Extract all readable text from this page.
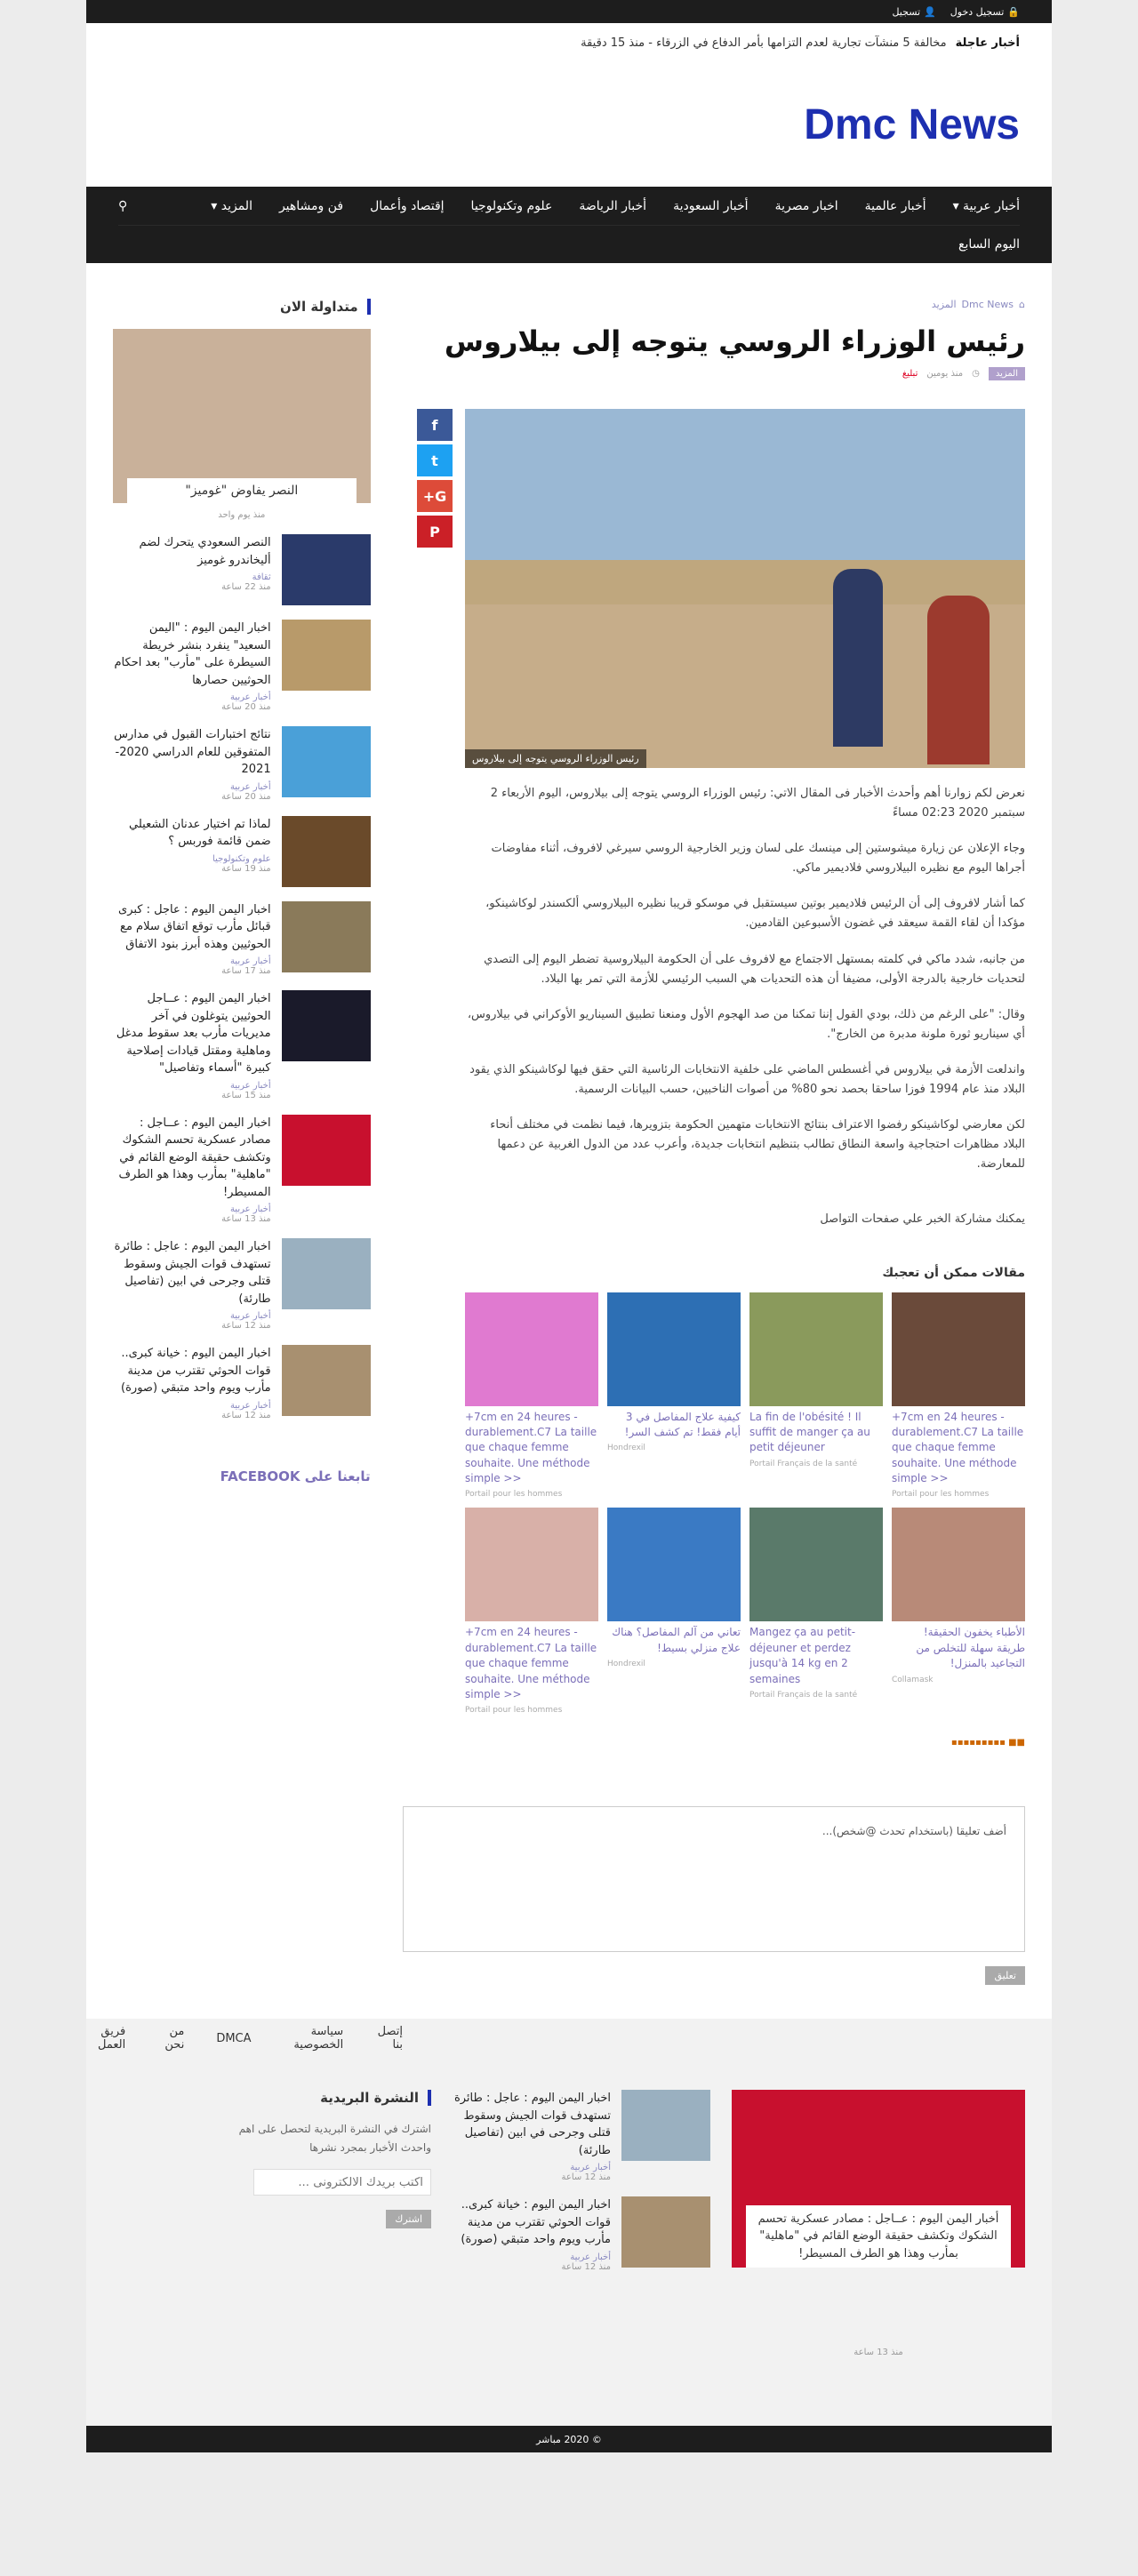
🔒
تسجيل دخول
👤
تسجيل
أخبار عاجلة
مخالفة 5 منشآت تجارية لعدم التزامها بأمر الدفاع في الزرقاء - منذ 15 دقيقة
Dmc News
أخبار عربية ▾
أخبار عالمية
اخبار مصرية
أخبار السعودية
أخبار الرياضة
علوم وتكنولوجيا
إقتصاد وأعمال
فن ومشاهير
المزيد ▾
⚲
اليوم السابع
⌂
Dmc News
المزيد
رئيس الوزراء الروسي يتوجه إلى بيلاروس
المزيد
◷
منذ يومين
تبليغ
رئيس الوزراء الروسي يتوجه إلى بيلاروس

نعرض لكم زوارنا أهم وأحدث الأخبار فى المقال الاتي: رئيس الوزراء الروسي يتوجه إلى بيلاروس، اليوم الأربعاء 2 سبتمبر 2020 02:23 مساءً

وجاء الإعلان عن زيارة ميشوستين إلى مينسك على لسان وزير الخارجية الروسي سيرغي لافروف، أثناء مفاوضات أجراها اليوم مع نظيره البيلاروسي فلاديمير ماكي.

كما أشار لافروف إلى أن الرئيس فلاديمير بوتين سيستقبل في موسكو قريبا نظيره البيلاروسي ألكسندر لوكاشينكو، مؤكدا أن لقاء القمة سيعقد في غضون الأسبوعين القادمين.

من جانبه، شدد ماكي في كلمته بمستهل الاجتماع مع لافروف على أن الحكومة البيلاروسية تضطر اليوم إلى التصدي لتحديات خارجية بالدرجة الأولى، مضيفا أن هذه التحديات هي السبب الرئيسي للأزمة التي تمر بها البلاد.

وقال: "على الرغم من ذلك، بودي القول إننا تمكنا من صد الهجوم الأول ومنعنا تطبيق السيناريو الأوكراني في بيلاروس، أي سيناريو ثورة ملونة مدبرة من الخارج".

واندلعت الأزمة في بيلاروس في أغسطس الماضي على خلفية الانتخابات الرئاسية التي حقق فيها لوكاشينكو الذي يقود البلاد منذ عام 1994 فوزا ساحقا بحصد نحو 80% من أصوات الناخبين، حسب البيانات الرسمية.

لكن معارضي لوكاشينكو رفضوا الاعتراف بنتائج الانتخابات متهمين الحكومة بتزويرها، فيما نظمت في مختلف أنحاء البلاد مظاهرات احتجاجية واسعة النطاق تطالب بتنظيم انتخابات جديدة، وأعرب عدد من الدول الغربية عن دعمها للمعارضة.

يمكنك مشاركة الخبر علي صفحات التواصل

مقالات ممكن أن تعجبك
+7cm en 24 heures - durablement.C7 La taille que chaque femme souhaite. Une méthode simple >>
Portail pour les hommes
La fin de l'obésité ! Il suffit de manger ça au petit déjeuner
Portail Français de la santé
كيفية علاج المفاصل في 3 أيام فقط! تم كشف السر!
Hondrexil
+7cm en 24 heures - durablement.C7 La taille que chaque femme souhaite. Une méthode simple >>
Portail pour les hommes
الأطباء يخفون الحقيقة! طريقة سهلة للتخلص من التجاعيد بالمنزل!
Collamask
Mangez ça au petit-déjeuner et perdez jusqu'à 14 kg en 2 semaines
Portail Français de la santé
تعاني من آلم المفاصل؟ هناك علاج منزلي بسيط!
Hondrexil
+7cm en 24 heures - durablement.C7 La taille que chaque femme souhaite. Une méthode simple >>
Portail pour les hommes
■■ ▪▪▪▪▪▪▪▪▪
f
t
G+
P
أضف تعليقا (باستخدام تحدث @شخص)...
تعليق
متداولة الان
النصر يفاوض "غوميز"
منذ يوم واحد
النصر السعودي يتحرك لضم أليخاندرو غوميز
ثقافة
منذ 22 ساعة
اخبار اليمن اليوم : "اليمن السعيد" ينفرد بنشر خريطة السيطرة على "مأرب" بعد احكام الحوثيين حصارها
أخبار عربية
منذ 20 ساعة
نتائج اختبارات القبول في مدارس المتفوقين للعام الدراسي 2020-2021
أخبار عربية
منذ 20 ساعة
لماذا تم اختيار عدنان الشعيلي ضمن قائمة فوربس ؟
علوم وتكنولوجيا
منذ 19 ساعة
اخبار اليمن اليوم : عاجل : كبرى قبائل مأرب توقع اتفاق سلام مع الحوثيين وهذه أبرز بنود الاتفاق
أخبار عربية
منذ 17 ساعة
اخبار اليمن اليوم : عــاجل الحوثيين يتوغلون في آخر مديريات مأرب بعد سقوط مدغل وماهلية ومقتل قيادات إصلاحية كبيرة "أسماء وتفاصيل"
أخبار عربية
منذ 15 ساعة
اخبار اليمن اليوم : عــاجل : مصادر عسكرية تحسم الشكوك وتكشف حقيقة الوضع القائم في "ماهلية" بمأرب وهذا هو الطرف المسيطر!
أخبار عربية
منذ 13 ساعة
اخبار اليمن اليوم : عاجل : طائرة تستهدف قوات الجيش وسقوط قتلى وجرحى في ابين (تفاصيل طارئة)
أخبار عربية
منذ 12 ساعة
اخبار اليمن اليوم : خيانة كبرى.. قوات الحوثي تقترب من مدينة مأرب ويوم واحد متبقي (صورة)
أخبار عربية
منذ 12 ساعة
تابعنا على FACEBOOK
إتصل بنا
سياسة الخصوصية
DMCA
من نحن
فريق العمل
أخبار اليمن اليوم : عــاجل : مصادر عسكرية تحسم الشكوك وتكشف حقيقة الوضع القائم في "ماهلية" بمأرب وهذا هو الطرف المسيطر!
منذ 13 ساعة
اخبار اليمن اليوم : عاجل : طائرة تستهدف قوات الجيش وسقوط قتلى وجرحى في ابين (تفاصيل طارئة)
أخبار عربية
منذ 12 ساعة
اخبار اليمن اليوم : خيانة كبرى.. قوات الحوثي تقترب من مدينة مأرب ويوم واحد متبقي (صورة)
أخبار عربية
منذ 12 ساعة
النشرة البريدية

اشترك في النشرة البريدية لتحصل على اهم واحدث الأخبار بمجرد نشرها

اكتب بريدك الالكترونى ... اشترك
© 2020 مباشر
